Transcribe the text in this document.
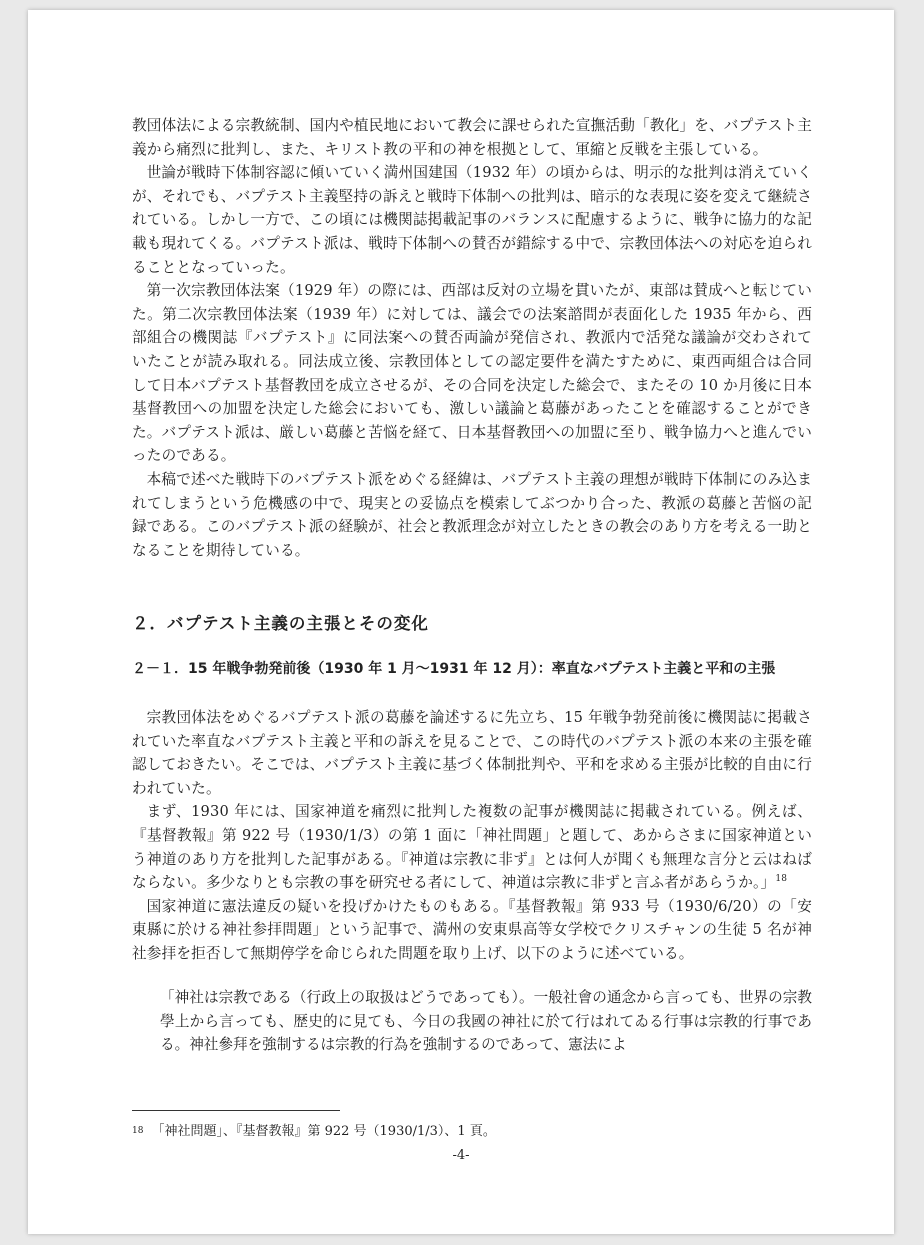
教団体法による宗教統制、国内や植民地において教会に課せられた宣撫活動「教化」を、バプテスト主義から痛烈に批判し、また、キリスト教の平和の神を根拠として、軍縮と反戦を主張している。

世論が戦時下体制容認に傾いていく満州国建国（1932 年）の頃からは、明示的な批判は消えていくが、それでも、バプテスト主義堅持の訴えと戦時下体制への批判は、暗示的な表現に姿を変えて継続されている。しかし一方で、この頃には機関誌掲載記事のバランスに配慮するように、戦争に協力的な記載も現れてくる。バプテスト派は、戦時下体制への賛否が錯綜する中で、宗教団体法への対応を迫られることとなっていった。

第一次宗教団体法案（1929 年）の際には、西部は反対の立場を貫いたが、東部は賛成へと転じていた。第二次宗教団体法案（1939 年）に対しては、議会での法案諮問が表面化した 1935 年から、西部組合の機関誌『バプテスト』に同法案への賛否両論が発信され、教派内で活発な議論が交わされていたことが読み取れる。同法成立後、宗教団体としての認定要件を満たすために、東西両組合は合同して日本バプテスト基督教団を成立させるが、その合同を決定した総会で、またその 10 か月後に日本基督教団への加盟を決定した総会においても、激しい議論と葛藤があったことを確認することができた。バプテスト派は、厳しい葛藤と苦悩を経て、日本基督教団への加盟に至り、戦争協力へと進んでいったのである。

本稿で述べた戦時下のバプテスト派をめぐる経緯は、バプテスト主義の理想が戦時下体制にのみ込まれてしまうという危機感の中で、現実との妥協点を模索してぶつかり合った、教派の葛藤と苦悩の記録である。このバプテスト派の経験が、社会と教派理念が対立したときの教会のあり方を考える一助となることを期待している。

２．バプテスト主義の主張とその変化
２－１．15 年戦争勃発前後（1930 年 1 月～1931 年 12 月）：率直なバプテスト主義と平和の主張

宗教団体法をめぐるバプテスト派の葛藤を論述するに先立ち、15 年戦争勃発前後に機関誌に掲載されていた率直なバプテスト主義と平和の訴えを見ることで、この時代のバプテスト派の本来の主張を確認しておきたい。そこでは、バプテスト主義に基づく体制批判や、平和を求める主張が比較的自由に行われていた。

まず、1930 年には、国家神道を痛烈に批判した複数の記事が機関誌に掲載されている。例えば、『基督教報』第 922 号（1930/1/3）の第 1 面に「神社問題」と題して、あからさまに国家神道という神道のあり方を批判した記事がある。『神道は宗教に非ず』とは何人が聞くも無理な言分と云はねばならない。多少なりとも宗教の事を研究せる者にして、神道は宗教に非ずと言ふ者があらうか。」$^{18}$

国家神道に憲法違反の疑いを投げかけたものもある。『基督教報』第 933 号（1930/6/20）の「安東縣に於ける神社参拝問題」という記事で、満州の安東県高等女学校でクリスチャンの生徒 5 名が神社参拝を拒否して無期停学を命じられた問題を取り上げ、以下のように述べている。

「神社は宗教である（行政上の取扱はどうであっても）。一般社會の通念から言っても、世界の宗教學上から言っても、歴史的に見ても、今日の我國の神社に於て行はれてゐる行事は宗教的行事である。神社參拜を強制するは宗教的行為を強制するのであって、憲法によ

18 「神社問題」、『基督教報』第 922 号（1930/1/3）、1 頁。

-4-
